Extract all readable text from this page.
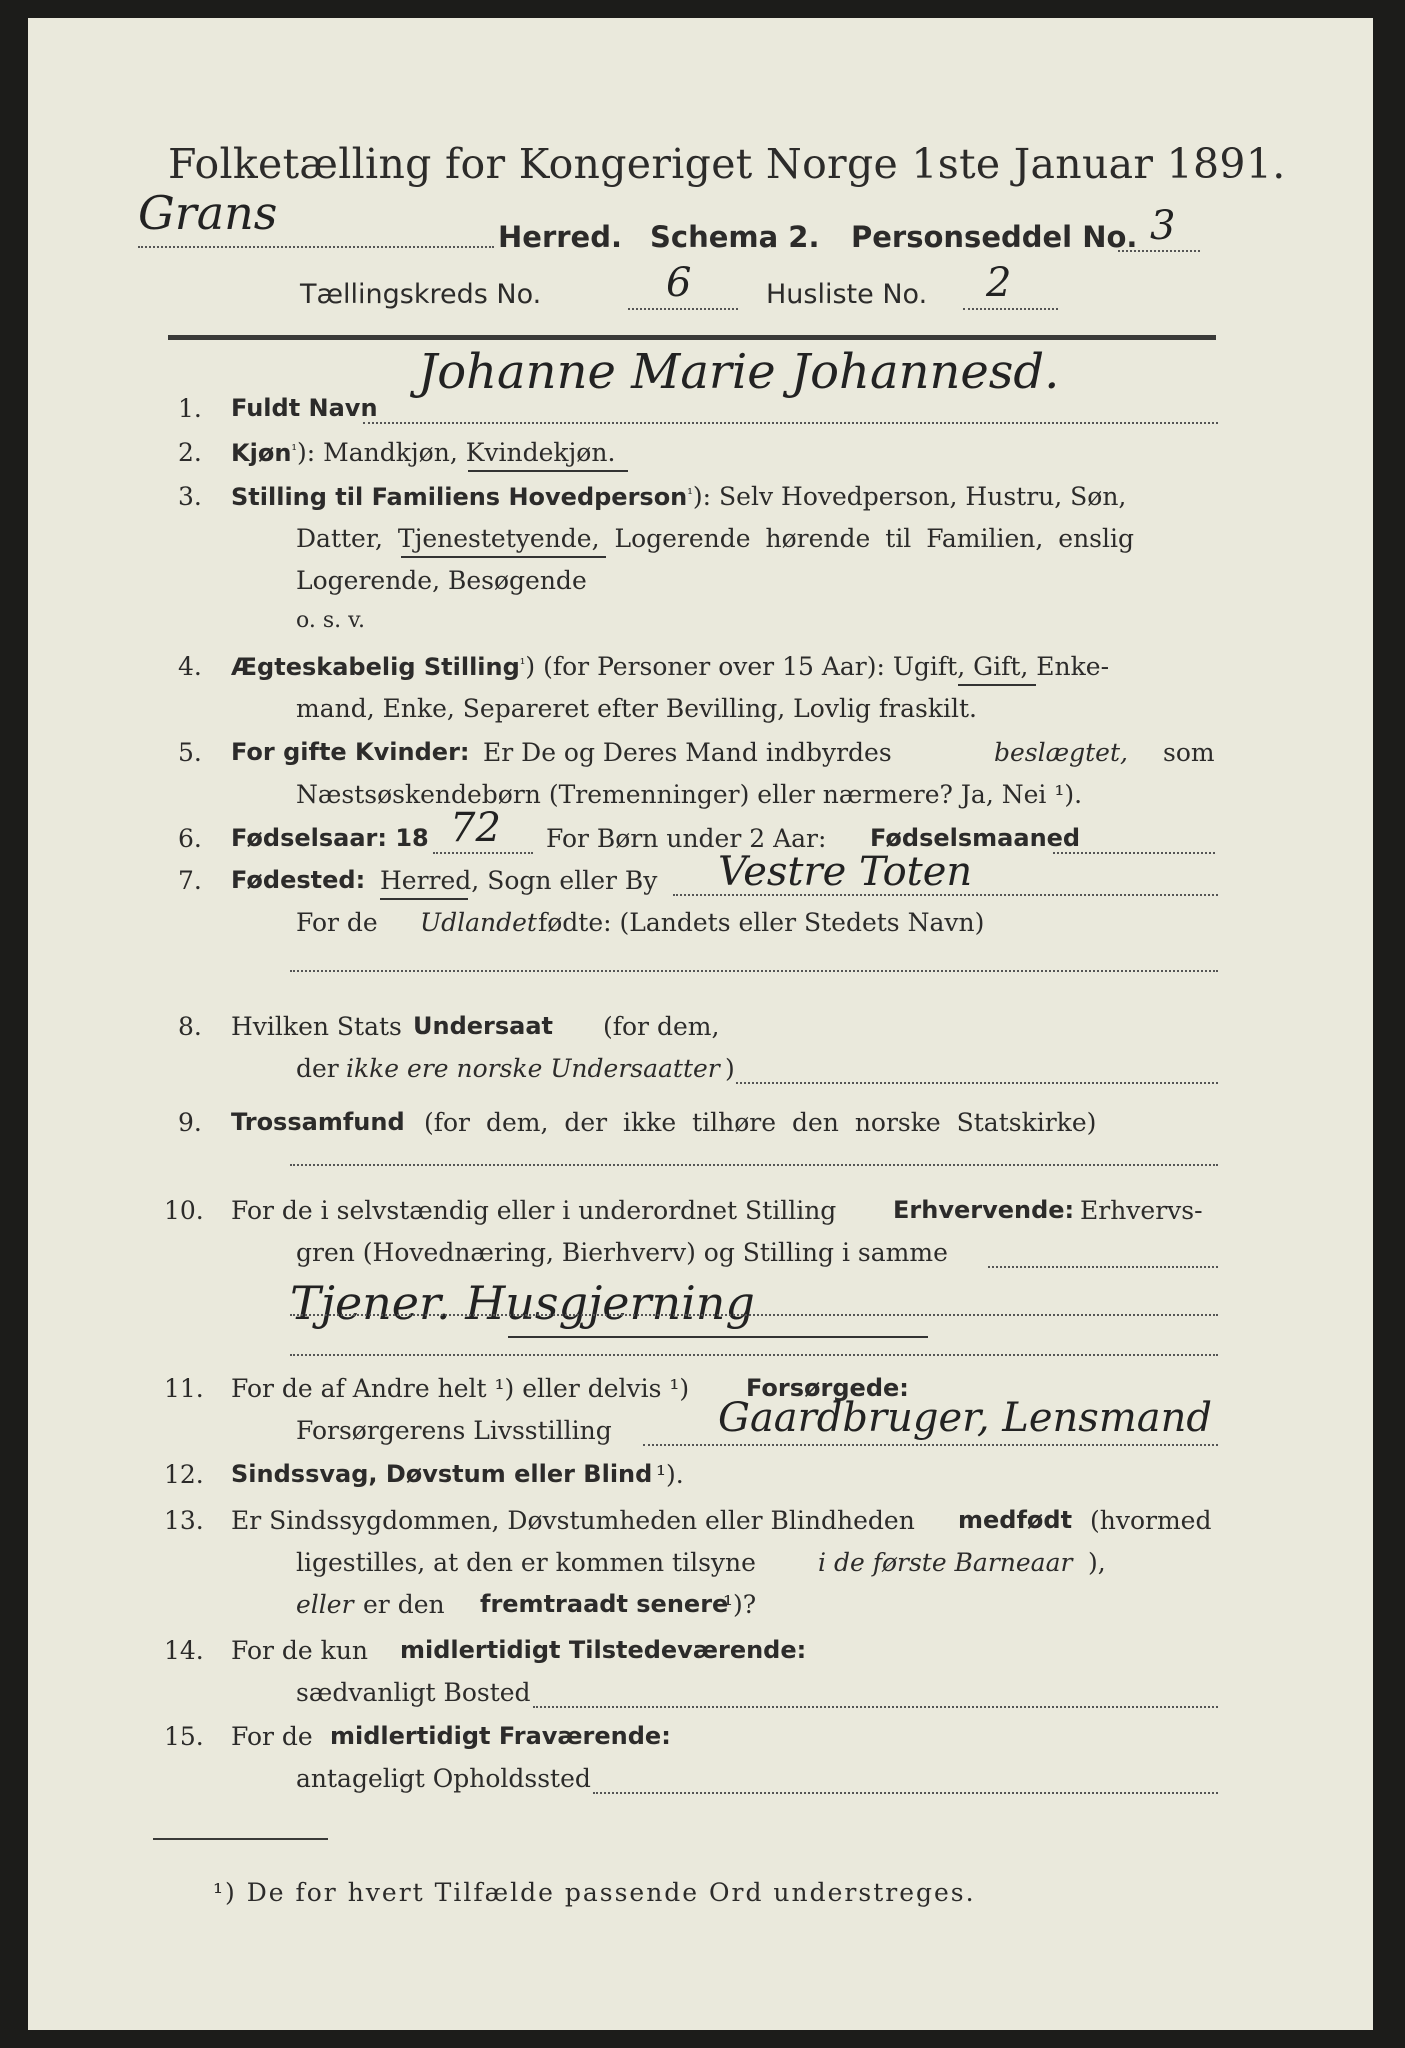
Folketælling for Kongeriget Norge 1ste Januar 1891.
Grans	Herred. Schema 2. Personseddel No. 3
Tællingskreds No.	6	Husliste No. 2
1. Fuldt Navn
Johanne Marie Johannesd.
2. Kjøn$^{^1}$): Mandkjøn, Kvindekjøn.
3. Stilling til Familiens Hovedperson$^{^1}$): Selv Hovedperson, Hustru, Søn,
Datter, Tjenestetyende, Logerende hørende til Familien, enslig
Logerende, Besøgende
o. s. v.
4. Ægteskabelig Stilling$^{^1}$) (for Personer over 15 Aar): Ugift, Gift, Enke-
mand, Enke, Separeret efter Bevilling, Lovlig fraskilt.
5. For gifte Kvinder: Er De og Deres Mand indbyrdes	beslægtet, som
Næstsøskendebørn (Tremenninger) eller nærmere? Ja, Nei ¹).
6. Fødselsaar: 18 72 For Børn under 2 Aar: Fødselsmaaned
7. Fødested: Herred, Sogn eller By Vestre Toten
For de Udlandet fødte: (Landets eller Stedets Navn)
8. Hvilken Stats Undersaat (for dem,
der ikke ere norske Undersaatter )
9. Trossamfund (for dem, der ikke tilhøre den norske Statskirke)
10. For de i selvstændig eller i underordnet Stilling Erhvervende: Erhvervs-
gren (Hovednæring, Bierhverv) og Stilling i samme
Tjener. Husgjerning
11. For de af Andre helt ¹) eller delvis ¹) Forsørgede:
Forsørgerens Livsstilling	Gaardbruger, Lensmand
12. Sindssvag, Døvstum eller Blind ¹).
13. Er Sindssygdommen, Døvstumheden eller Blindheden medfødt (hvormed
ligestilles, at den er kommen tilsyne i de første Barneaar ),
eller er den fremtraadt senere
¹)?
14. For de kun midlertidigt Tilstedeværende:
sædvanligt Bosted
15. For de midlertidigt Fraværende:
antageligt Opholdssted
¹) De for hvert Tilfælde passende Ord understreges.
